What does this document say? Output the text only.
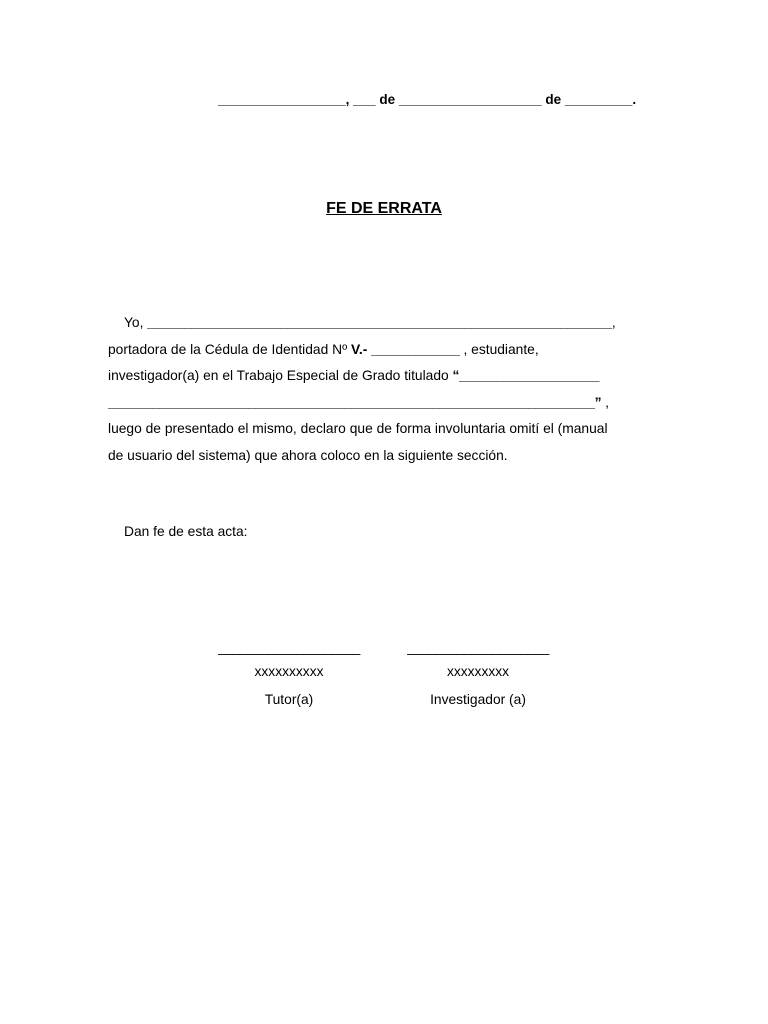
_________________, ___ de ___________________ de _________.
FE DE ERRATA
Yo, _______________________________________________________________,
portadora de la Cédula de Identidad Nº V.- ____________ , estudiante,
investigador(a) en el Trabajo Especial de Grado titulado “___________________
__________________________________________________________________” ,
luego de presentado el mismo, declaro que de forma involuntaria omití el (manual
de usuario del sistema) que ahora coloco en la siguiente sección.
Dan fe de esta acta:
____________________
xxxxxxxxxx
Tutor(a)
____________________
xxxxxxxxx
Investigador (a)
